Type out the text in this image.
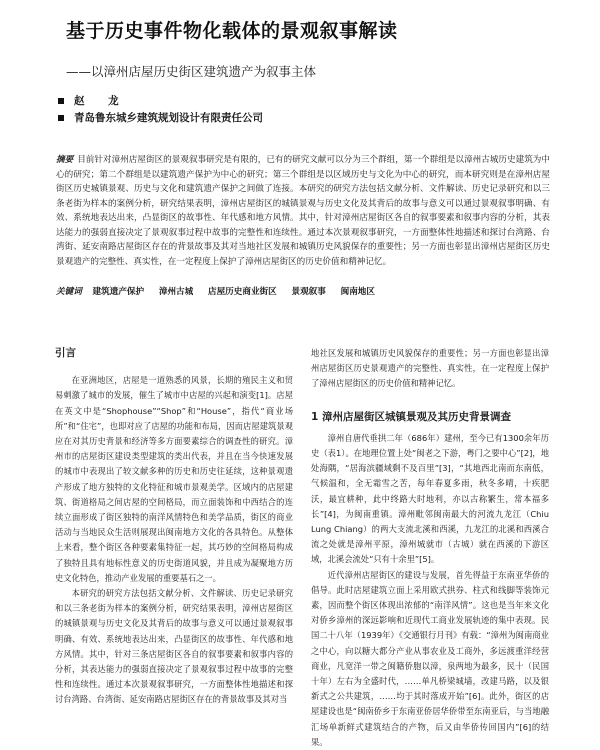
基于历史事件物化载体的景观叙事解读
——以漳州店屋历史街区建筑遗产为叙事主体
赵 龙
青岛鲁东城乡建筑规划设计有限责任公司
摘要 目前针对漳州店屋街区的景观叙事研究是有限的，已有的研究文献可以分为三个群组，第一个群组是以漳州古城历史建筑为中心的研究；第二个群组是以建筑遗产保护为中心的研究；第三个群组是以区域历史与文化为中心的研究，而本研究则是在漳州店屋街区历史城镇景观、历史与文化和建筑遗产保护之间做了连接。本研究的研究方法包括文献分析、文件解读、历史记录研究和以三条老街为样本的案例分析，研究结果表明，漳州店屋街区的城镇景观与历史文化及其背后的故事与意义可以通过景观叙事明确、有效、系统地表达出来，凸显街区的故事性、年代感和地方风情。其中，针对漳州店屋街区各自的叙事要素和叙事内容的分析，其表达能力的强弱直接决定了景观叙事过程中故事的完整性和连续性。通过本次景观叙事研究，一方面整体性地描述和探讨台湾路、台湾街、延安南路店屋街区存在的背景故事及其对当地社区发展和城镇历史风貌保存的重要性；另一方面也彰显出漳州店屋街区历史景观遗产的完整性、真实性，在一定程度上保护了漳州店屋街区的历史价值和精神记忆。
关键词 建筑遗产保护 漳州古城 店屋历史商业街区 景观叙事 闽南地区
引言

在亚洲地区，店屋是一道熟悉的风景，长期的殖民主义和贸易刺激了城市的发展，催生了城市中店屋的兴起和演变[1]。店屋在英文中是“Shophouse”“Shop”和“House”，指代“商业场所”和“住宅”，也即对应了店屋的功能和布局，因而店屋建筑景观应在对其历史背景和经济等多方面要素综合的调查性的研究。漳州市的店屋街区建设类型建筑的类出代表，并且在当今快速发展的城市中表现出了较文献多种的历史和历史往延续，这种景观遗产形成了地方独特的文化特征和城市景观美学。区域内的店屋建筑、街道格局之间店屋的空间格局，而立面装饰和中西结合的连续立面形成了街区独特的南洋风情特色和美学品质，街区的商业活动与当地民众生活则展现出闽南地方文化的各具特色。从整体上来看，整个街区各种要素集特征一起，其巧妙的空间格局构成了独特且具有地标性意义的历史街道风貌，并且成为凝聚地方历史文化特色，推动产业发展的重要基石之一。

本研究的研究方法包括文献分析、文件解读、历史记录研究和以三条老街为样本的案例分析，研究结果表明，漳州店屋街区的城镇景观与历史文化及其背后的故事与意义可以通过景观叙事明确、有效、系统地表达出来，凸显街区的故事性、年代感和地方风情。其中，针对三条店屋街区各自的叙事要素和叙事内容的分析，其表达能力的强弱直接决定了景观叙事过程中故事的完整性和连续性。通过本次景观叙事研究，一方面整体性地描述和探讨台湾路、台湾街、延安南路店屋街区存在的背景故事及其对当

地社区发展和城镇历史风貌保存的重要性；另一方面也彰显出漳州店屋街区历史景观遗产的完整性、真实性，在一定程度上保护了漳州店屋街区的历史价值和精神记忆。

1 漳州店屋街区城镇景观及其历史背景调查

漳州自唐代垂拱二年（686年）建州，至今已有1300余年历史（表1）。在地理位置上处“闽老之下游，粤门之要中心”[2]，地处海隅，“居海滨疆域剩不及百里”[3]，“其地西北南而东南低，气候温和，全无霜雪之苦，每年春夏多雨，秋冬多晴，十疾肥沃，最宜耕种，此中终路大时地利，亦以古称繁生，常本福多长”[4]，为闽南重镇。漳州毗邻闽南最大的河流九龙江（Chiu Lung Chiang）的两大支流北溪和西溪，九龙江的北溪和西溪合流之处就是漳州平原，漳州城就市（古城）就在西溪的下游区域，北溪会流处“只有十余里”[5]。

近代漳州店屋街区的建设与发展，首先得益于东南亚华侨的倡导。此时店屋建筑立面上采用欧式拱券、柱式和线脚等装饰元素，因而整个街区体现出浓郁的“南洋风情”。这也是当年来文化对侨乡漳州的深远影响和近现代工商业发展轨迹的集中表现。民国二十八年（1939年）《交通银行月刊》有载：“漳州为闽南商业之中心，向以糖大都分产业从事农业及工商外，多远渡重洋经营商业，凡宽洋一带之闽籍侨胞以漳，泉两地为最多，民十（民国十年）左右为全盛时代，……单凡桥梁城墙，改建马路，以及银新式之公共建筑，……均于其时落成开始”[6]。此外，街区的店屋建设也是“闽南侨乡于东南亚侨居华侨带至东南亚后，与当地融汇场单新鲜式建筑结合的产物，后又由华侨传回国内”[6]的结果。
